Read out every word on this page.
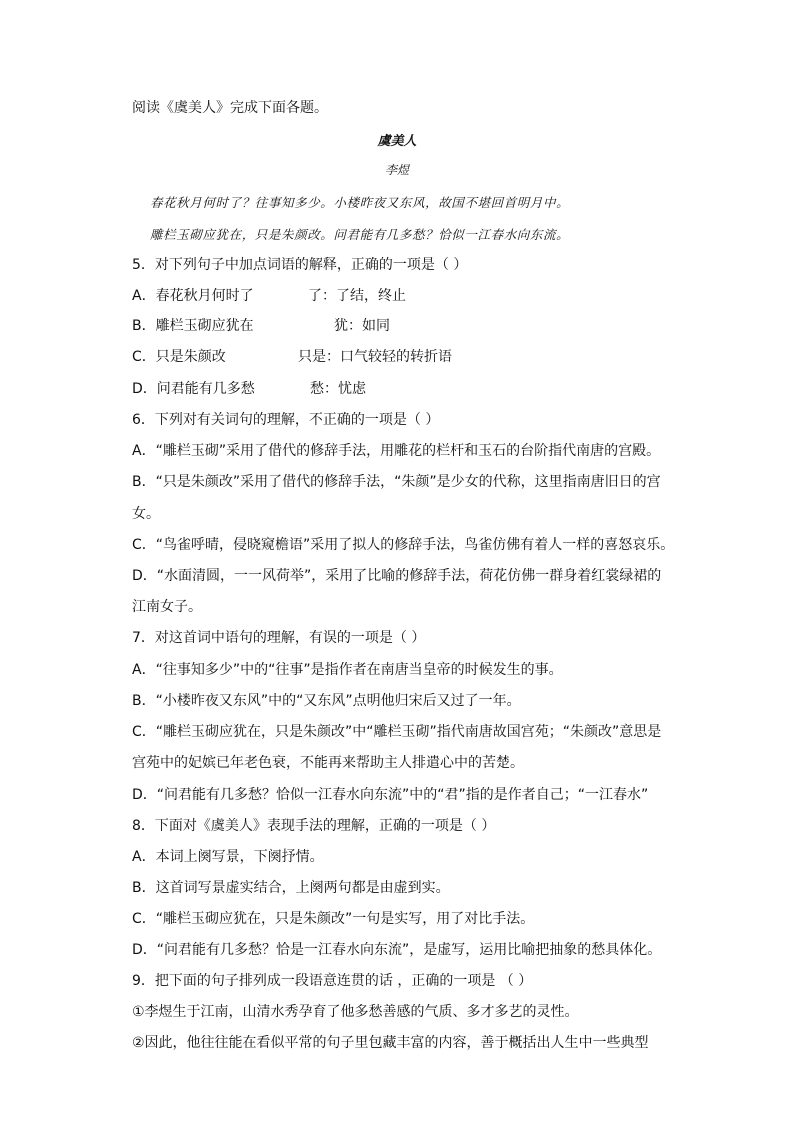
阅读《虞美人》完成下面各题。
虞美人
李煜
春花秋月何时了？往事知多少。小楼昨夜又东风，故国不堪回首明月中。
雕栏玉砌应犹在，只是朱颜改。问君能有几多愁？恰似一江春水向东流。
5．对下列句子中加点词语的解释，正确的一项是（ ）
A．春花秋月何时了	了：了结，终止
B．雕栏玉砌应犹在	犹：如同
C．只是朱颜改	只是：口气较轻的转折语
D．问君能有几多愁	愁：忧虑
6．下列对有关词句的理解，不正确的一项是（ ）
A．“雕栏玉砌”采用了借代的修辞手法，用雕花的栏杆和玉石的台阶指代南唐的宫殿。
B．“只是朱颜改”采用了借代的修辞手法，“朱颜”是少女的代称，这里指南唐旧日的宫
女。
C．“鸟雀呼晴，侵晓窥檐语”采用了拟人的修辞手法，鸟雀仿佛有着人一样的喜怒哀乐。
D．“水面清圆，一一风荷举”，采用了比喻的修辞手法，荷花仿佛一群身着红裳绿裙的
江南女子。
7．对这首词中语句的理解，有误的一项是（ ）
A．“往事知多少”中的“往事”是指作者在南唐当皇帝的时候发生的事。
B．“小楼昨夜又东风”中的“又东风”点明他归宋后又过了一年。
C．“雕栏玉砌应犹在，只是朱颜改”中“雕栏玉砌”指代南唐故国宫苑；“朱颜改”意思是
宫苑中的妃嫔已年老色衰，不能再来帮助主人排遣心中的苦楚。
D．“问君能有几多愁？恰似一江春水向东流”中的“君”指的是作者自己；“一江春水”
8．下面对《虞美人》表现手法的理解，正确的一项是（ ）
A．本词上阕写景，下阕抒情。
B．这首词写景虚实结合，上阕两句都是由虚到实。
C．“雕栏玉砌应犹在，只是朱颜改”一句是实写，用了对比手法。
D．“问君能有几多愁？恰是一江春水向东流”，是虚写，运用比喻把抽象的愁具体化。
9．把下面的句子排列成一段语意连贯的话 ，正确的一项是 （ ）
①李煜生于江南，山清水秀孕育了他多愁善感的气质、多才多艺的灵性。
②因此，他往往能在看似平常的句子里包藏丰富的内容，善于概括出人生中一些典型
